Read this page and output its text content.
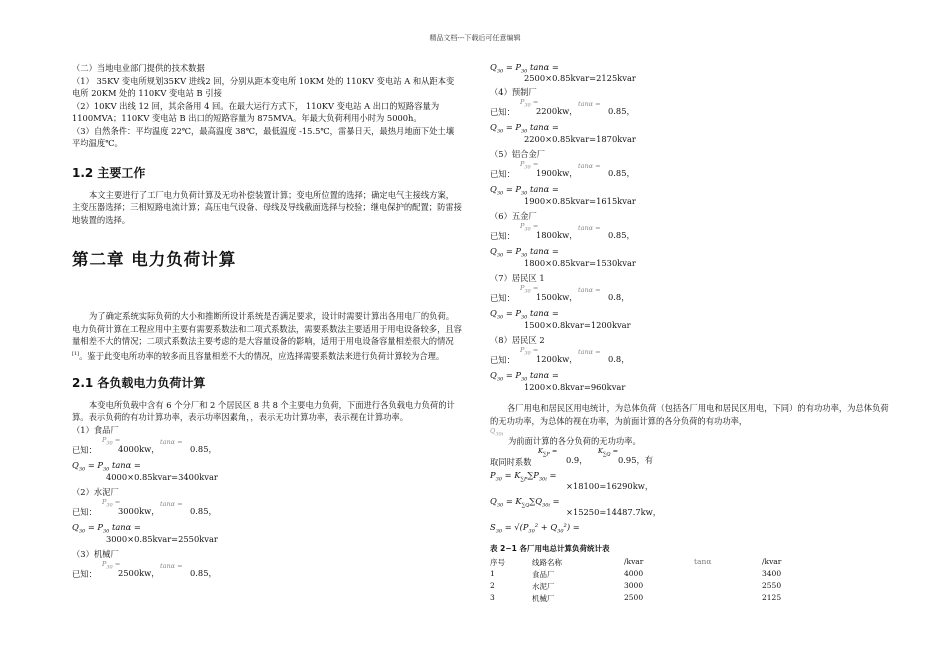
精品文档---下载后可任意编辑

（二）当地电业部门提供的技术数据

（1） 35KV 变电所规划35KV 进线2 回，分别从距本变电所 10KM 处的 110KV 变电站 A 和从距本变电所 20KM 处的 110KV 变电站 B 引接

（2）10KV 出线 12 回，其余备用 4 回。在最大运行方式下， 110KV 变电站 A 出口的短路容量为 1100MVA；110KV 变电站 B 出口的短路容量为 875MVA。年最大负荷利用小时为 5000h。

（3）自然条件：平均温度 22℃，最高温度 38℃，最低温度 -15.5℃，雷暴日天，最热月地面下处土壤平均温度℃。

1.2 主要工作

本文主要进行了工厂电力负荷计算及无功补偿装置计算；变电所位置的选择；确定电气主接线方案，主变压器选择；三相短路电流计算；高压电气设备、母线及导线截面选择与校验；继电保护的配置；防雷接地装置的选择。

第二章 电力负荷计算

为了确定系统实际负荷的大小和推断所设计系统是否满足要求，设计时需要计算出各用电厂的负荷。电力负荷计算在工程应用中主要有需要系数法和二项式系数法，需要系数法主要适用于用电设备较多，且容量相差不大的情况；二项式系数法主要考虑的是大容量设备的影响，适用于用电设备容量相差很大的情况[1]。鉴于此变电所功率的较多而且容量相差不大的情况，应选择需要系数法来进行负荷计算较为合理。

2.1 各负载电力负荷计算

本变电所负载中含有 6 个分厂和 2 个居民区 8 共 8 个主要电力负荷，下面进行各负载电力负荷的计算。表示负荷的有功计算功率，表示功率因素角，，表示无功计算功率，表示视在计算功率。

（1）食品厂
$P_{30}$ =	tanα =
已知：	4000kw，	0.85，
$Q_{30} = P_{30}$ tanα =
4000×0.85kvar=3400kvar
（2）水泥厂
$P_{30}$ =	tanα =
已知：	3000kw，	0.85，
$Q_{30} = P_{30}$ tanα =
3000×0.85kvar=2550kvar
（3）机械厂
$P_{30}$ =	tanα =
已知：	2500kw，	0.85，
$Q_{30} = P_{30}$ tanα =
2500×0.85kvar=2125kvar
（4）预制厂
$P_{30}$ =	tanα =
已知：	2200kw，	0.85，
$Q_{30} = P_{30}$ tanα =
2200×0.85kvar=1870kvar
（5）铝合金厂
$P_{30}$ =	tanα =
已知：	1900kw，	0.85，
$Q_{30} = P_{30}$ tanα =
1900×0.85kvar=1615kvar
（6）五金厂
$P_{30}$ =	tanα =
已知：	1800kw，	0.85，
$Q_{30} = P_{30}$ tanα =
1800×0.85kvar=1530kvar
（7）居民区 1
$P_{30}$ =	tanα =
已知：	1500kw，	0.8，
$Q_{30} = P_{30}$ tanα =
1500×0.8kvar=1200kvar
（8）居民区 2
$P_{30}$ =	tanα =
已知：	1200kw，	0.8，
$Q_{30} = P_{30}$ tanα =
1200×0.8kvar=960kvar

各厂用电和居民区用电统计，为总体负荷（包括各厂用电和居民区用电，下同）的有功功率，为总体负荷的无功功率，为总体的视在功率，为前面计算的各分负荷的有功功率，

$Q_{30i}$
为前面计算的各分负荷的无功功率。
$K_{\sum P}$ =	$K_{\sum Q}$ =
取同时系数	0.9，	0.95，有
$P_{30} = K_{\sum P}\sum P_{30i}$ =
×18100=16290kw，
$Q_{30} = K_{\sum Q}\sum Q_{30i}$ =
×15250=14487.7kw，
$S_{30} = √(P_{30}^2 + Q_{30}^2)$ =
表 2−1 各厂用电总计算负荷统计表
序号	线路名称	/kvar	tanα	/kvar
1	食品厂	4000		3400
2	水泥厂	3000		2550
3	机械厂	2500		2125
